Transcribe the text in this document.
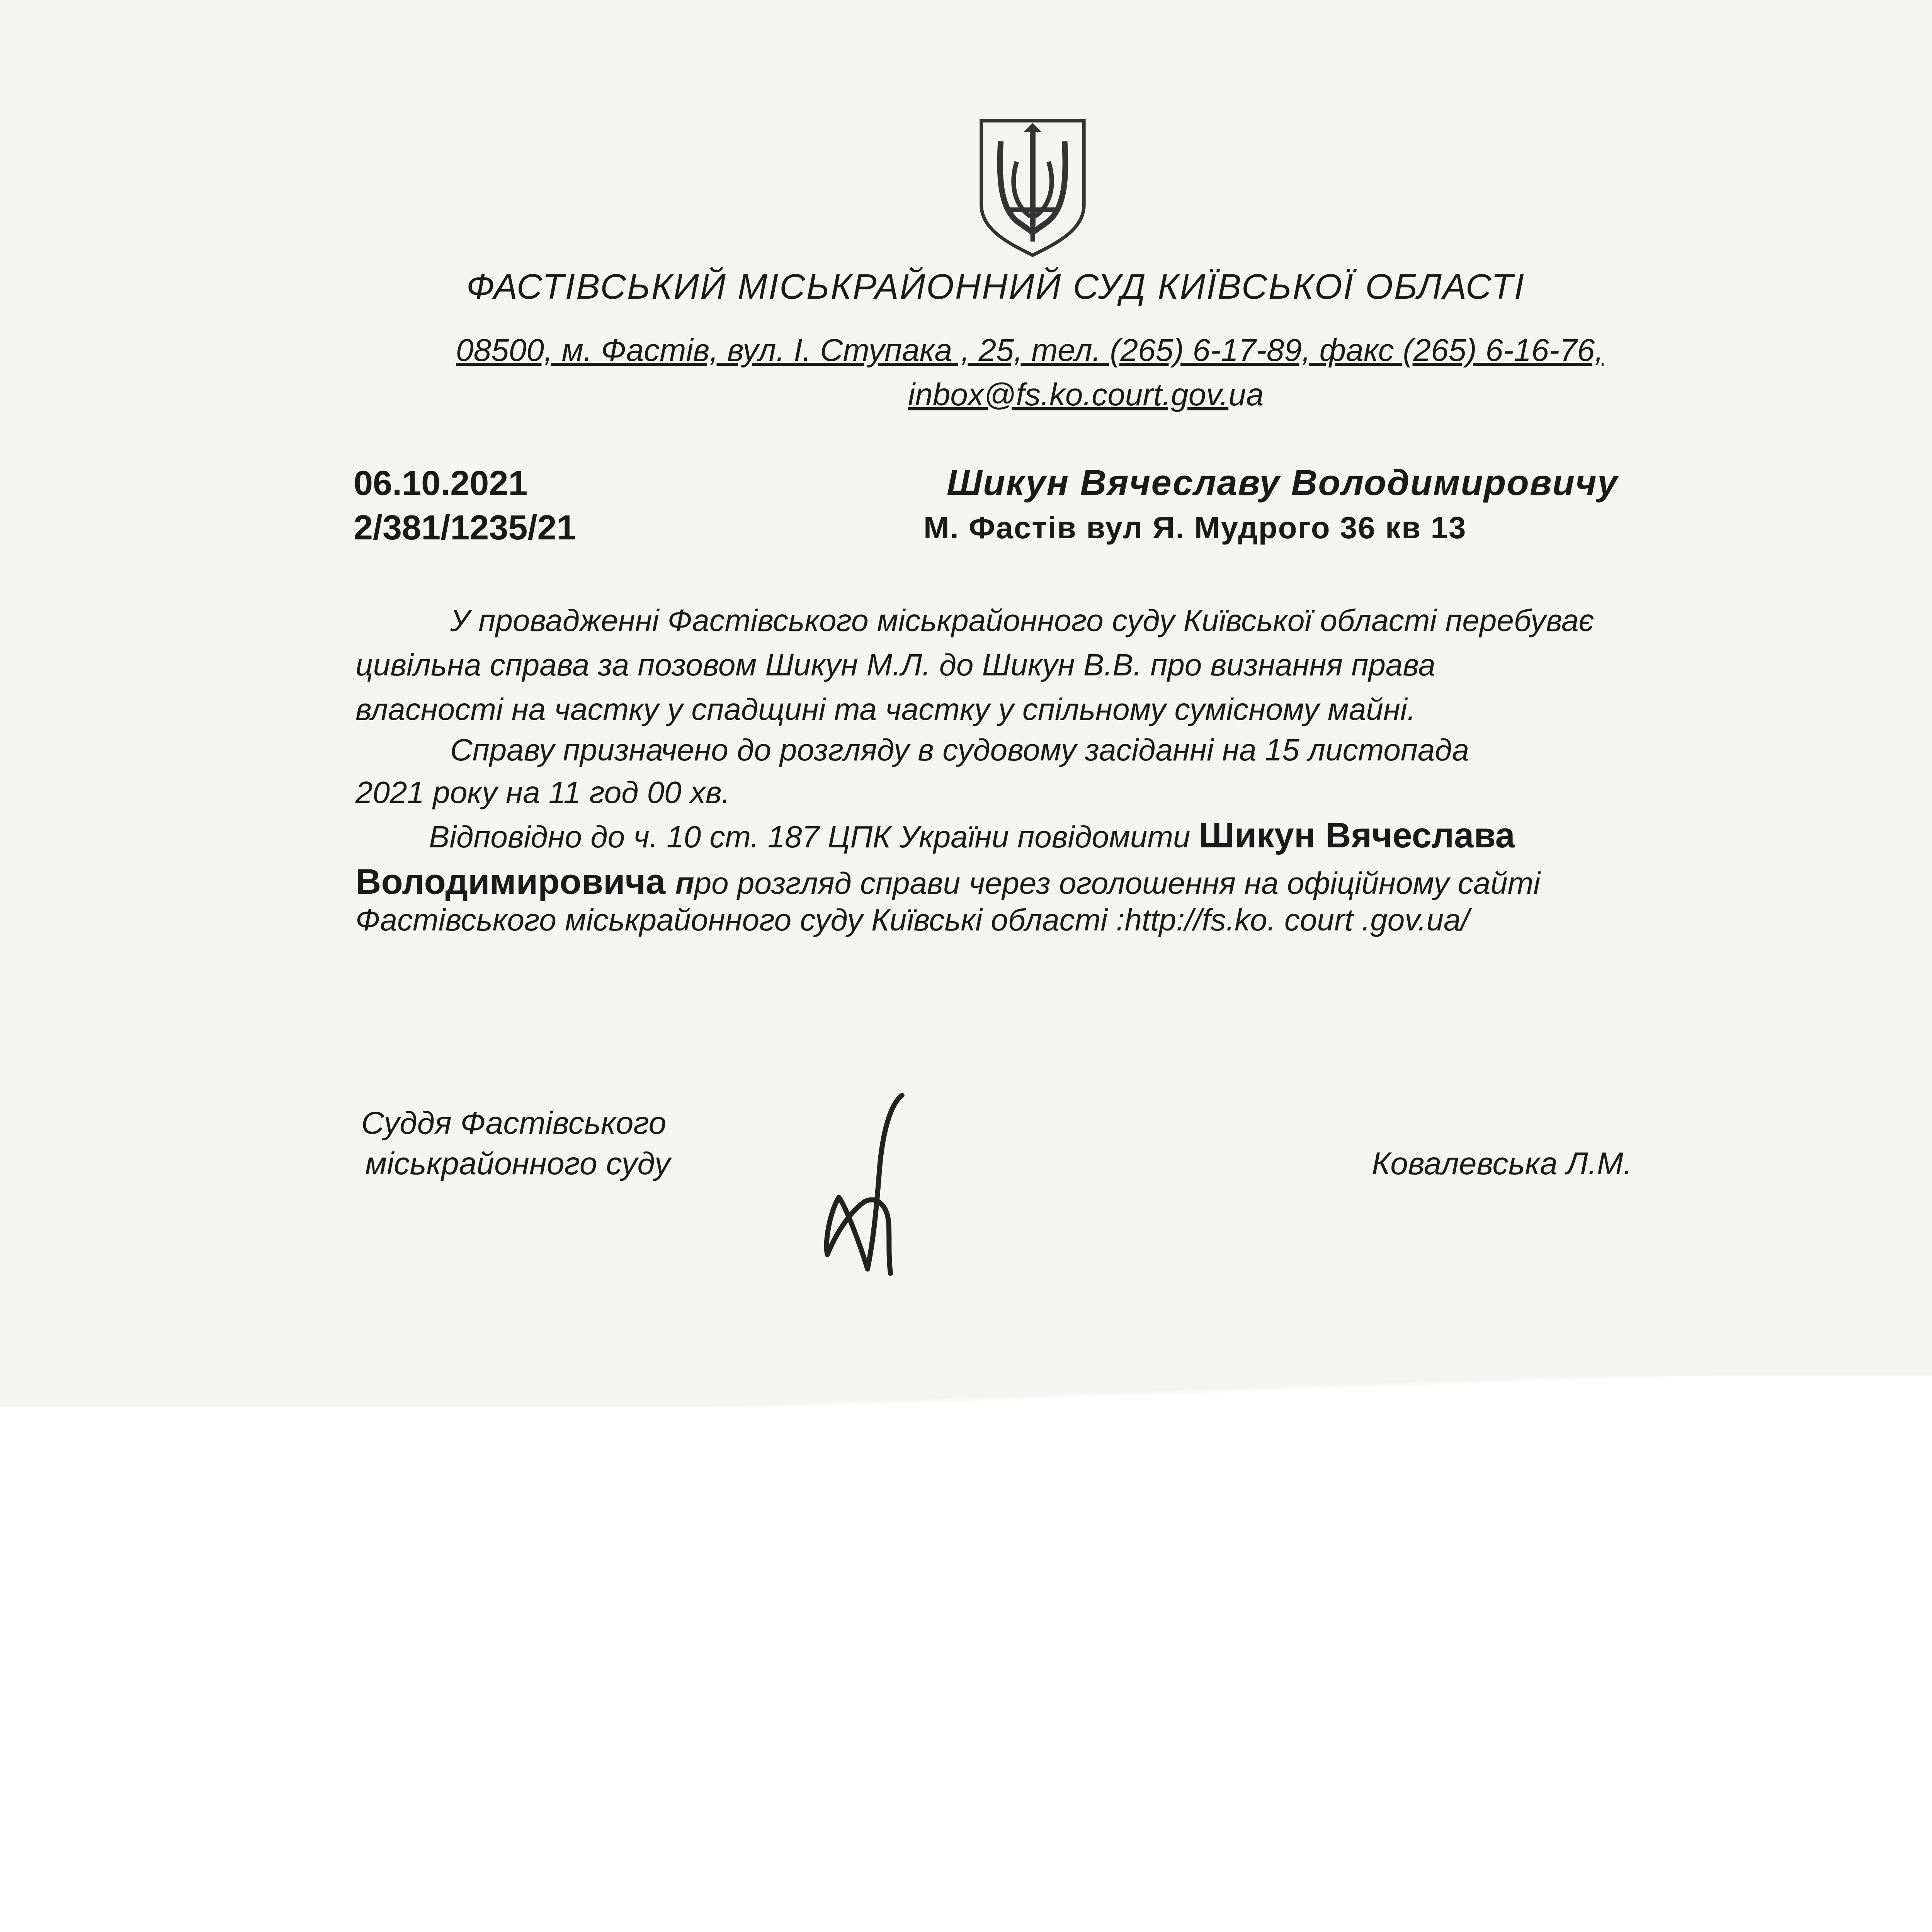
ФАСТІВСЬКИЙ МІСЬКРАЙОННИЙ СУД КИЇВСЬКОЇ ОБЛАСТІ
08500, м. Фастів, вул. І. Ступака , 25, тел. (265) 6-17-89, факс (265) 6-16-76,
inbox@fs.ko.court.gov.ua
06.10.2021
2/381/1235/21
Шикун Вячеславу Володимировичу
М. Фастів вул Я. Мудрого 36 кв 13
У провадженні Фастівського міськрайонного суду Київської області перебуває
цивільна справа за позовом Шикун М.Л. до Шикун В.В. про визнання права
власності на частку у спадщині та частку у спільному сумісному майні.
Справу призначено до розгляду в судовому засіданні на 15 листопада
2021 року на 11 год 00 хв.
Відповідно до ч. 10 ст. 187 ЦПК України повідомити Шикун Вячеслава
Володимировича про розгляд справи через оголошення на офіційному сайті
Фастівського міськрайонного суду Київські області :http://fs.ko. court .gov.ua/
Суддя Фастівського
міськрайонного суду	Ковалевська Л.М.
